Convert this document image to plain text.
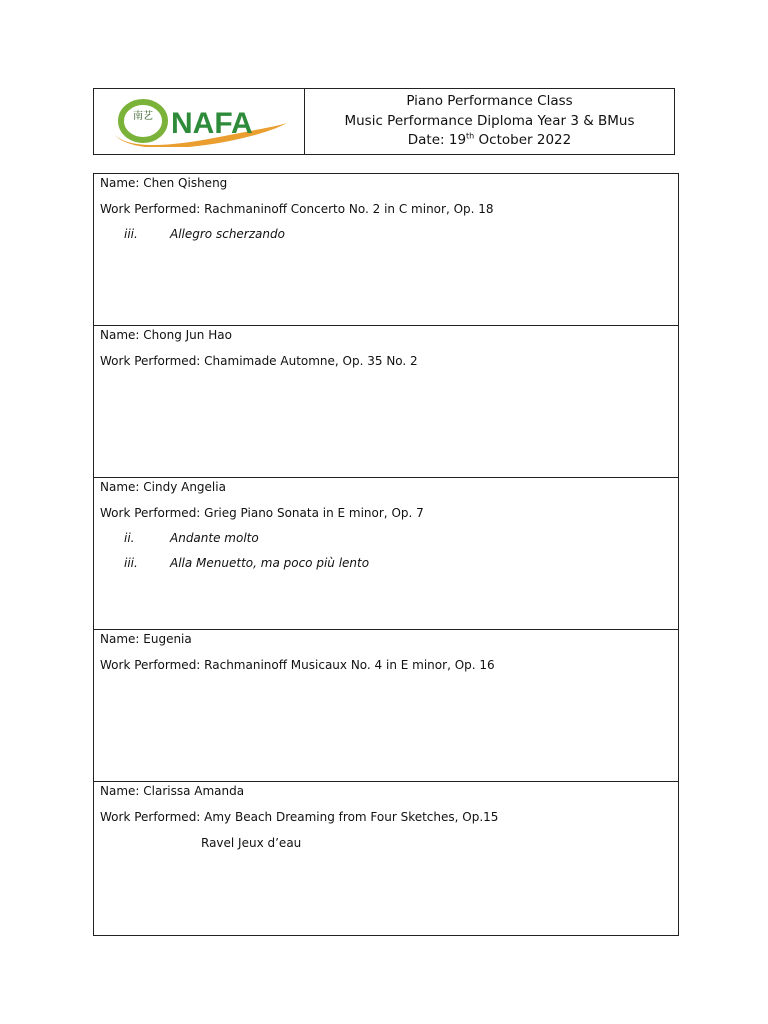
南艺 NAFA
Piano Performance Class
Music Performance Diploma Year 3 & BMus
Date: 19th October 2022
Name: Chen Qisheng
Work Performed: Rachmaninoff Concerto No. 2 in C minor, Op. 18
iii.	Allegro scherzando
Name: Chong Jun Hao
Work Performed: Chamimade Automne, Op. 35 No. 2
Name: Cindy Angelia
Work Performed: Grieg Piano Sonata in E minor, Op. 7
ii.	Andante molto
iii.	Alla Menuetto, ma poco più lento
Name: Eugenia
Work Performed: Rachmaninoff Musicaux No. 4 in E minor, Op. 16
Name: Clarissa Amanda
Work Performed: Amy Beach Dreaming from Four Sketches, Op.15
Ravel Jeux d’eau
